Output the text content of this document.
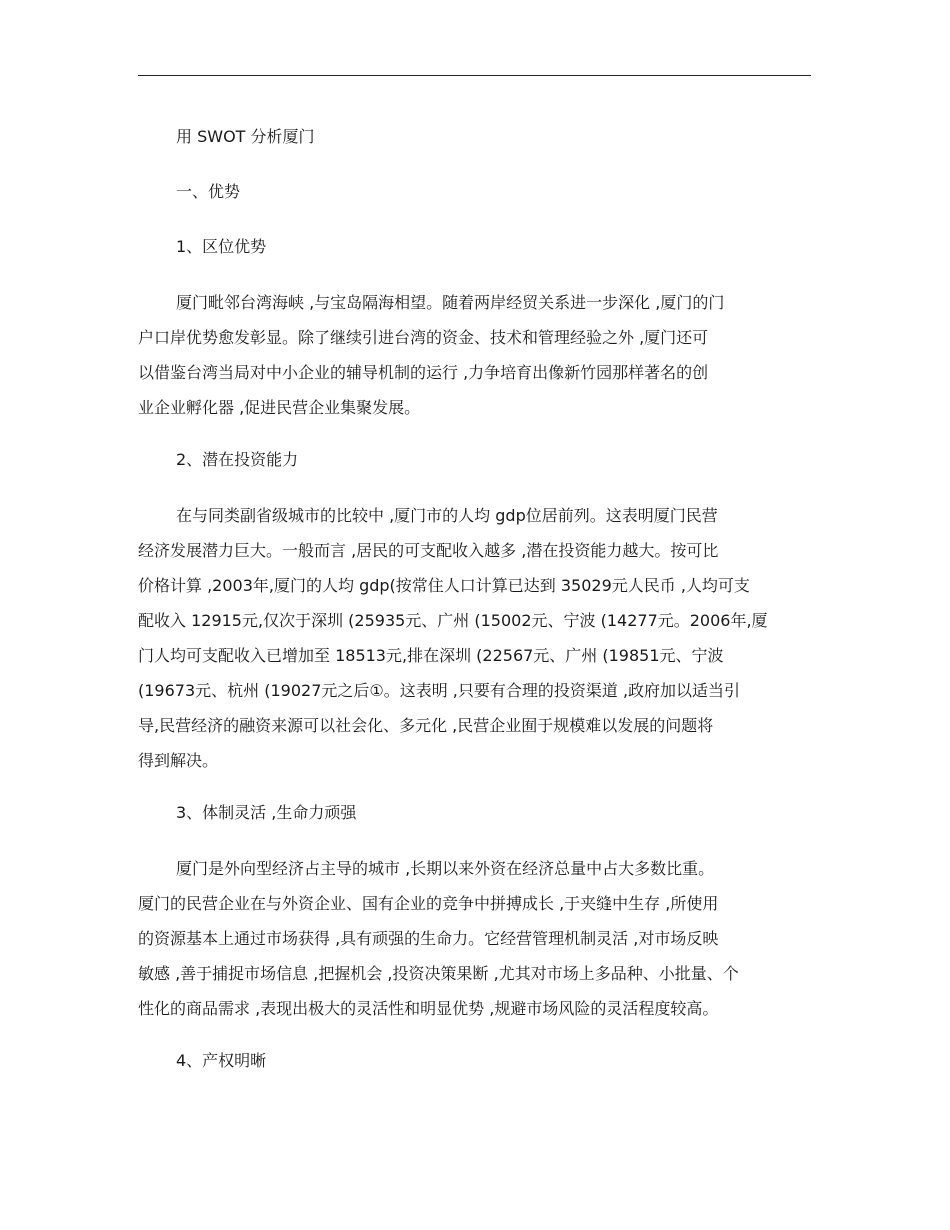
用 SWOT 分析厦门
一、优势
1、区位优势
厦门毗邻台湾海峡 ,与宝岛隔海相望。随着两岸经贸关系进一步深化 ,厦门的门
户口岸优势愈发彰显。除了继续引进台湾的资金、技术和管理经验之外 ,厦门还可
以借鉴台湾当局对中小企业的辅导机制的运行 ,力争培育出像新竹园那样著名的创
业企业孵化器 ,促进民营企业集聚发展。
2、潜在投资能力
在与同类副省级城市的比较中 ,厦门市的人均 gdp位居前列。这表明厦门民营
经济发展潜力巨大。一般而言 ,居民的可支配收入越多 ,潜在投资能力越大。按可比
价格计算 ,2003年,厦门的人均 gdp(按常住人口计算已达到 35029元人民币 ,人均可支
配收入 12915元,仅次于深圳 (25935元、广州 (15002元、宁波 (14277元。2006年,厦
门人均可支配收入已增加至 18513元,排在深圳 (22567元、广州 (19851元、宁波
(19673元、杭州 (19027元之后①。这表明 ,只要有合理的投资渠道 ,政府加以适当引
导,民营经济的融资来源可以社会化、多元化 ,民营企业囿于规模难以发展的问题将
得到解决。
3、体制灵活 ,生命力顽强
厦门是外向型经济占主导的城市 ,长期以来外资在经济总量中占大多数比重。
厦门的民营企业在与外资企业、国有企业的竞争中拼搏成长 ,于夹缝中生存 ,所使用
的资源基本上通过市场获得 ,具有顽强的生命力。它经营管理机制灵活 ,对市场反映
敏感 ,善于捕捉市场信息 ,把握机会 ,投资决策果断 ,尤其对市场上多品种、小批量、个
性化的商品需求 ,表现出极大的灵活性和明显优势 ,规避市场风险的灵活程度较高。
4、产权明晰
